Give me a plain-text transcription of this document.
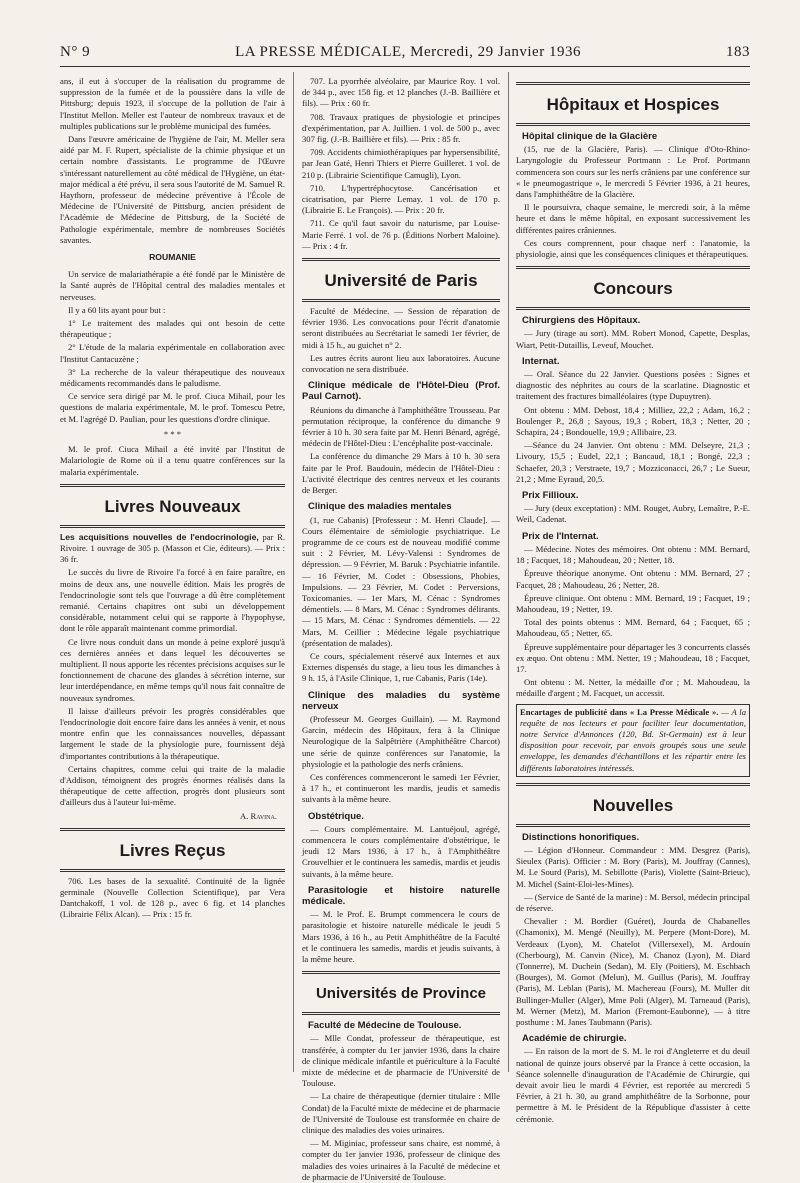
N° 9	LA PRESSE MÉDICALE, Mercredi, 29 Janvier 1936	183

ans, il eut à s'occuper de la réalisation du programme de suppression de la fumée et de la poussière dans la ville de Pittsburg; depuis 1923, il s'occupe de la pollution de l'air à l'Institut Mellon. Meller est l'auteur de nombreux travaux et de multiples publications sur le problème municipal des fumées.

Dans l'œuvre américaine de l'hygiène de l'air, M. Meller sera aidé par M. F. Rupert, spécialiste de la chimie physique et un certain nombre d'assistants. Le programme de l'Œuvre s'intéressant naturellement au côté médical de l'Hygiène, un état-major médical a été prévu, il sera sous l'autorité de M. Samuel R. Haythorn, professeur de médecine préventive à l'École de Médecine de l'Université de Pittsburg, ancien président de l'Académie de Médecine de Pittsburg, de la Société de Pathologie expérimentale, membre de nombreuses Sociétés savantes.

ROUMANIE

Un service de malariathérapie a été fondé par le Ministère de la Santé auprès de l'Hôpital central des maladies mentales et nerveuses.

Il y a 60 lits ayant pour but :

1° Le traitement des malades qui ont besoin de cette thérapeutique ;

2° L'étude de la malaria expérimentale en collaboration avec l'Institut Cantacuzène ;

3° La recherche de la valeur thérapeutique des nouveaux médicaments recommandés dans le paludisme.

Ce service sera dirigé par M. le prof. Ciuca Mihail, pour les questions de malaria expérimentale, M. le prof. Tomescu Petre, et M. l'agrégé D. Paulian, pour les questions d'ordre clinique.

* * *

M. le prof. Ciuca Mihail a été invité par l'Institut de Malariologie de Rome où il a tenu quatre conférences sur la malaria expérimentale.

Livres Nouveaux

Les acquisitions nouvelles de l'endocrinologie, par R. Rivoire. 1 ouvrage de 305 p. (Masson et Cie, éditeurs). — Prix : 36 fr.

Le succès du livre de Rivoire l'a forcé à en faire paraître, en moins de deux ans, une nouvelle édition. Mais les progrès de l'endocrinologie sont tels que l'ouvrage a dû être complètement remanié. Certains chapitres ont subi un développement considérable, notamment celui qui se rapporte à l'hypophyse, dont le rôle apparaît maintenant comme primordial.

Ce livre nous conduit dans un monde à peine exploré jusqu'à ces dernières années et dans lequel les découvertes se multiplient. Il nous apporte les récentes précisions acquises sur le fonctionnement de chacune des glandes à sécrétion interne, sur leur interdépendance, en même temps qu'il nous fait connaître de nouveaux syndromes.

Il laisse d'ailleurs prévoir les progrès considérables que l'endocrinologie doit encore faire dans les années à venir, et nous montre enfin que les connaissances nouvelles, dépassant largement le stade de la physiologie pure, fournissent déjà d'importantes contributions à la thérapeutique.

Certains chapitres, comme celui qui traite de la maladie d'Addison, témoignent des progrès énormes réalisés dans la thérapeutique de cette affection, progrès dont plusieurs sont d'ailleurs dus à l'auteur lui-même.

A. Ravina.

Livres Reçus

706. Les bases de la sexualité. Continuité de la lignée germinale (Nouvelle Collection Scientifique), par Vera Dantchakoff, 1 vol. de 128 p., avec 6 fig. et 14 planches (Librairie Félix Alcan). — Prix : 15 fr.

707. La pyorrhée alvéolaire, par Maurice Roy. 1 vol. de 344 p., avec 158 fig. et 12 planches (J.-B. Baillière et fils). — Prix : 60 fr.

708. Travaux pratiques de physiologie et principes d'expérimentation, par A. Juillien. 1 vol. de 500 p., avec 307 fig. (J.-B. Baillière et fils). — Prix : 85 fr.

709. Accidents chimiothérapiques par hypersensibilité, par Jean Gaté, Henri Thiers et Pierre Guilleret. 1 vol. de 210 p. (Librairie Scientifique Camugli), Lyon.

710. L'hypertréphocytose. Cancérisation et cicatrisation, par Pierre Lemay. 1 vol. de 170 p. (Librairie E. Le François). — Prix : 20 fr.

711. Ce qu'il faut savoir du naturisme, par Louise-Marie Ferré. 1 vol. de 76 p. (Éditions Norbert Maloine). — Prix : 4 fr.

Université de Paris

Faculté de Médecine. — Session de réparation de février 1936. Les convocations pour l'écrit d'anatomie seront distribuées au Secrétariat le samedi 1er février, de midi à 15 h., au guichet n° 2.

Les autres écrits auront lieu aux laboratoires. Aucune convocation ne sera distribuée.

Clinique médicale de l'Hôtel-Dieu (Prof. Paul Carnot).

Réunions du dimanche à l'amphithéâtre Trousseau. Par permutation réciproque, la conférence du dimanche 9 février à 10 h. 30 sera faite par M. Henri Bénard, agrégé, médecin de l'Hôtel-Dieu : L'encéphalite post-vaccinale.

La conférence du dimanche 29 Mars à 10 h. 30 sera faite par le Prof. Baudouin, médecin de l'Hôtel-Dieu : L'activité électrique des centres nerveux et les courants de Berger.

Clinique des maladies mentales

(1, rue Cabanis) [Professeur : M. Henri Claude]. — Cours élémentaire de sémiologie psychiatrique. Le programme de ce cours est de nouveau modifié comme suit : 2 Février, M. Lévy-Valensi : Syndromes de dépression. — 9 Février, M. Baruk : Psychiatrie infantile. — 16 Février, M. Codet : Obsessions, Phobies, Impulsions. — 23 Février, M. Codet : Perversions, Toxicomanies. — 1er Mars, M. Cénac : Syndromes démentiels. — 8 Mars, M. Cénac : Syndromes délirants. — 15 Mars, M. Cénac : Syndromes démentiels. — 22 Mars, M. Ceillier : Médecine légale psychiatrique (présentation de malades).

Ce cours, spécialement réservé aux Internes et aux Externes dispensés du stage, a lieu tous les dimanches à 9 h. 15, à l'Asile Clinique, 1, rue Cabanis, Paris (14e).

Clinique des maladies du système nerveux

(Professeur M. Georges Guillain). — M. Raymond Garcin, médecin des Hôpitaux, fera à la Clinique Neurologique de la Salpêtrière (Amphithéâtre Charcot) une série de quinze conférences sur l'anatomie, la physiologie et la pathologie des nerfs crâniens.

Ces conférences commenceront le samedi 1er Février, à 17 h., et continueront les mardis, jeudis et samedis suivants à la même heure.

Obstétrique.

— Cours complémentaire. M. Lantuéjoul, agrégé, commencera le cours complémentaire d'obstétrique, le jeudi 12 Mars 1936, à 17 h., à l'Amphithéâtre Crouvelhier et le continuera les samedis, mardis et jeudis suivants, à la même heure.

Parasitologie et histoire naturelle médicale.

— M. le Prof. E. Brumpt commencera le cours de parasitologie et histoire naturelle médicale le jeudi 5 Mars 1936, à 16 h., au Petit Amphithéâtre de la Faculté et le continuera les samedis, mardis et jeudis suivants, à la même heure.

Universités de Province

Faculté de Médecine de Toulouse.

— Mlle Condat, professeur de thérapeutique, est transférée, à compter du 1er janvier 1936, dans la chaire de clinique médicale infantile et puériculture à la Faculté mixte de médecine et de pharmacie de l'Université de Toulouse.

— La chaire de thérapeutique (dernier titulaire : Mlle Condat) de la Faculté mixte de médecine et de pharmacie de l'Université de Toulouse est transformée en chaire de clinique des maladies des voies urinaires.

— M. Miginiac, professeur sans chaire, est nommé, à compter du 1er janvier 1936, professeur de clinique des maladies des voies urinaires à la Faculté de médecine et de pharmacie de l'Université de Toulouse.

Hôpitaux et Hospices

Hôpital clinique de la Glacière

(15, rue de la Glacière, Paris). — Clinique d'Oto-Rhino-Laryngologie du Professeur Portmann : Le Prof. Portmann commencera son cours sur les nerfs crâniens par une conférence sur « le pneumogastrique », le mercredi 5 Février 1936, à 21 heures, dans l'amphithéâtre de la Glacière.

Il le poursuivra, chaque semaine, le mercredi soir, à la même heure et dans le même hôpital, en exposant successivement les différentes paires crâniennes.

Ces cours comprennent, pour chaque nerf : l'anatomie, la physiologie, ainsi que les conséquences cliniques et thérapeutiques.

Concours

Chirurgiens des Hôpitaux.

— Jury (tirage au sort). MM. Robert Monod, Capette, Desplas, Wiart, Petit-Dutaillis, Leveuf, Mouchet.

Internat.

— Oral. Séance du 22 Janvier. Questions posées : Signes et diagnostic des néphrites au cours de la scarlatine. Diagnostic et traitement des fractures bimalléolaires (type Dupuytren).

Ont obtenu : MM. Debost, 18,4 ; Milliez, 22,2 ; Adam, 16,2 ; Boulenger P., 26,8 ; Sayous, 19,3 ; Robert, 18,3 ; Netter, 20 ; Schapira, 24 ; Bondouelle, 19,9 ; Allibaire, 23.

—Séance du 24 Janvier. Ont obtenu : MM. Delseyre, 21,3 ; Livoury, 15,5 ; Eudel, 22,1 ; Bancaud, 18,1 ; Bongé, 22,3 ; Schaefer, 20,3 ; Verstraete, 19,7 ; Mozziconacci, 26,7 ; Le Sueur, 21,2 ; Mme Eyraud, 20,5.

Prix Fillioux.

— Jury (deux exceptation) : MM. Rouget, Aubry, Lemaître, P.-E. Weil, Cadenat.

Prix de l'Internat.

— Médecine. Notes des mémoires. Ont obtenu : MM. Bernard, 18 ; Facquet, 18 ; Mahoudeau, 20 ; Netter, 18.

Épreuve théorique anonyme. Ont obtenu : MM. Bernard, 27 ; Facquet, 28 ; Mahoudeau, 26 ; Netter, 28.

Épreuve clinique. Ont obtenu : MM. Bernard, 19 ; Facquet, 19 ; Mahoudeau, 19 ; Netter, 19.

Total des points obtenus : MM. Bernard, 64 ; Facquet, 65 ; Mahoudeau, 65 ; Netter, 65.

Épreuve supplémentaire pour départager les 3 concurrents classés ex æquo. Ont obtenu : MM. Netter, 19 ; Mahoudeau, 18 ; Facquet, 17.

Ont obtenu : M. Netter, la médaille d'or ; M. Mahoudeau, la médaille d'argent ; M. Facquet, un accessit.

Encartages de publicité dans « La Presse Médicale ». — A la requête de nos lecteurs et pour faciliter leur documentation, notre Service d'Annonces (120, Bd. St-Germain) est à leur disposition pour recevoir, par envois groupés sous une seule enveloppe, les demandes d'échantillons et les répartir entre les différents laboratoires intéressés.
Nouvelles

Distinctions honorifiques.

— Légion d'Honneur. Commandeur : MM. Desgrez (Paris), Sieulex (Paris). Officier : M. Bory (Paris), M. Jouffray (Cannes), M. Le Sourd (Paris), M. Sebillotte (Paris), Violette (Saint-Brieuc), M. Michel (Saint-Eloi-les-Mines).

— (Service de Santé de la marine) : M. Bersol, médecin principal de réserve.

Chevalier : M. Bordier (Guéret), Jourda de Chabanelles (Chamonix), M. Mengé (Neuilly), M. Perpere (Mont-Dore), M. Verdeaux (Lyon), M. Chatelot (Villersexel), M. Ardouin (Cherbourg), M. Canvin (Nice), M. Chanoz (Lyon), M. Diard (Tonnerre), M. Duchein (Sedan), M. Ely (Poitiers), M. Eschbach (Bourges), M. Gomot (Melun), M. Guillus (Paris), M. Jouffray (Paris), M. Leblan (Paris), M. Machereau (Fours), M. Muller dit Bullinger-Muller (Alger), Mme Poli (Alger), M. Tarneaud (Paris), M. Werner (Metz), M. Marion (Fremont-Eaubonne), — à titre posthume : M. Janes Taubmann (Paris).

Académie de chirurgie.

— En raison de la mort de S. M. le roi d'Angleterre et du deuil national de quinze jours observé par la France à cette occasion, la Séance solennelle d'inauguration de l'Académie de Chirurgie, qui devait avoir lieu le mardi 4 Février, est reportée au mercredi 5 Février, à 21 h. 30, au grand amphithéâtre de la Sorbonne, pour permettre à M. le Président de la République d'assister à cette cérémonie.
